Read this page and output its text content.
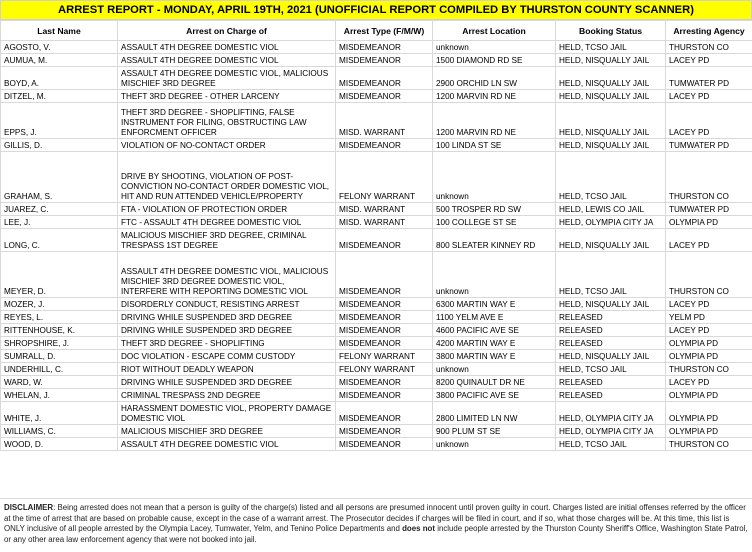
ARREST REPORT - MONDAY, APRIL 19TH, 2021 (UNOFFICIAL REPORT COMPILED BY THURSTON COUNTY SCANNER)
Last Name	Arrest on Charge of	Arrest Type (F/M/W)	Arrest Location	Booking Status	Arresting Agency
AGOSTO, V.	ASSAULT 4TH DEGREE DOMESTIC VIOL	MISDEMEANOR	unknown	HELD, TCSO JAIL	THURSTON CO
AUMUA, M.	ASSAULT 4TH DEGREE DOMESTIC VIOL	MISDEMEANOR	1500 DIAMOND RD SE	HELD, NISQUALLY JAIL	LACEY PD
BOYD, A.	ASSAULT 4TH DEGREE DOMESTIC VIOL, MALICIOUS MISCHIEF 3RD DEGREE	MISDEMEANOR	2900 ORCHID LN SW	HELD, NISQUALLY JAIL	TUMWATER PD
DITZEL, M.	THEFT 3RD DEGREE - OTHER LARCENY	MISDEMEANOR	1200 MARVIN RD NE	HELD, NISQUALLY JAIL	LACEY PD
EPPS, J.	THEFT 3RD DEGREE - SHOPLIFTING, FALSE INSTRUMENT FOR FILING, OBSTRUCTING LAW ENFORCMENT OFFICER	MISD. WARRANT	1200 MARVIN RD NE	HELD, NISQUALLY JAIL	LACEY PD
GILLIS, D.	VIOLATION OF NO-CONTACT ORDER	MISDEMEANOR	100 LINDA ST SE	HELD, NISQUALLY JAIL	TUMWATER PD
GRAHAM, S.	DRIVE BY SHOOTING, VIOLATION OF POST-CONVICTION NO-CONTACT ORDER DOMESTIC VIOL, HIT AND RUN ATTENDED VEHICLE/PROPERTY	FELONY WARRANT	unknown	HELD, TCSO JAIL	THURSTON CO
JUAREZ, C.	FTA - VIOLATION OF PROTECTION ORDER	MISD. WARRANT	500 TROSPER RD SW	HELD, LEWIS CO JAIL	TUMWATER PD
LEE, J.	FTC - ASSAULT 4TH DEGREE DOMESTIC VIOL	MISD. WARRANT	100 COLLEGE ST SE	HELD, OLYMPIA CITY JA	OLYMPIA PD
LONG, C.	MALICIOUS MISCHIEF 3RD DEGREE, CRIMINAL TRESPASS 1ST DEGREE	MISDEMEANOR	800 SLEATER KINNEY RD	HELD, NISQUALLY JAIL	LACEY PD
MEYER, D.	ASSAULT 4TH DEGREE DOMESTIC VIOL, MALICIOUS MISCHIEF 3RD DEGREE DOMESTIC VIOL, INTERFERE WITH REPORTING DOMESTIC VIOL	MISDEMEANOR	unknown	HELD, TCSO JAIL	THURSTON CO
MOZER, J.	DISORDERLY CONDUCT, RESISTING ARREST	MISDEMEANOR	6300 MARTIN WAY E	HELD, NISQUALLY JAIL	LACEY PD
REYES, L.	DRIVING WHILE SUSPENDED 3RD DEGREE	MISDEMEANOR	1100 YELM AVE E	RELEASED	YELM PD
RITTENHOUSE, K.	DRIVING WHILE SUSPENDED 3RD DEGREE	MISDEMEANOR	4600 PACIFIC AVE SE	RELEASED	LACEY PD
SHROPSHIRE, J.	THEFT 3RD DEGREE - SHOPLIFTING	MISDEMEANOR	4200 MARTIN WAY E	RELEASED	OLYMPIA PD
SUMRALL, D.	DOC VIOLATION - ESCAPE COMM CUSTODY	FELONY WARRANT	3800 MARTIN WAY E	HELD, NISQUALLY JAIL	OLYMPIA PD
UNDERHILL, C.	RIOT WITHOUT DEADLY WEAPON	FELONY WARRANT	unknown	HELD, TCSO JAIL	THURSTON CO
WARD, W.	DRIVING WHILE SUSPENDED 3RD DEGREE	MISDEMEANOR	8200 QUINAULT DR NE	RELEASED	LACEY PD
WHELAN, J.	CRIMINAL TRESPASS 2ND DEGREE	MISDEMEANOR	3800 PACIFIC AVE SE	RELEASED	OLYMPIA PD
WHITE, J.	HARASSMENT DOMESTIC VIOL, PROPERTY DAMAGE DOMESTIC VIOL	MISDEMEANOR	2800 LIMITED LN NW	HELD, OLYMPIA CITY JA	OLYMPIA PD
WILLIAMS, C.	MALICIOUS MISCHIEF 3RD DEGREE	MISDEMEANOR	900 PLUM ST SE	HELD, OLYMPIA CITY JA	OLYMPIA PD
WOOD, D.	ASSAULT 4TH DEGREE DOMESTIC VIOL	MISDEMEANOR	unknown	HELD, TCSO JAIL	THURSTON CO
DISCLAIMER: Being arrested does not mean that a person is guilty of the charge(s) listed and all persons are presumed innocent until proven guilty in court. Charges listed are initial offenses referred by the officer at the time of arrest that are based on probable cause, except in the case of a warrant arrest. The Prosecutor decides if charges will be filed in court, and if so, what those charges will be. At this time, this list is ONLY inclusive of all people arrested by the Olympia Lacey, Tumwater, Yelm, and Tenino Police Departments and does not include people arrested by the Thurston County Sheriff's Office, Washington State Patrol, or any other area law enforcement agency that were not booked into jail.
